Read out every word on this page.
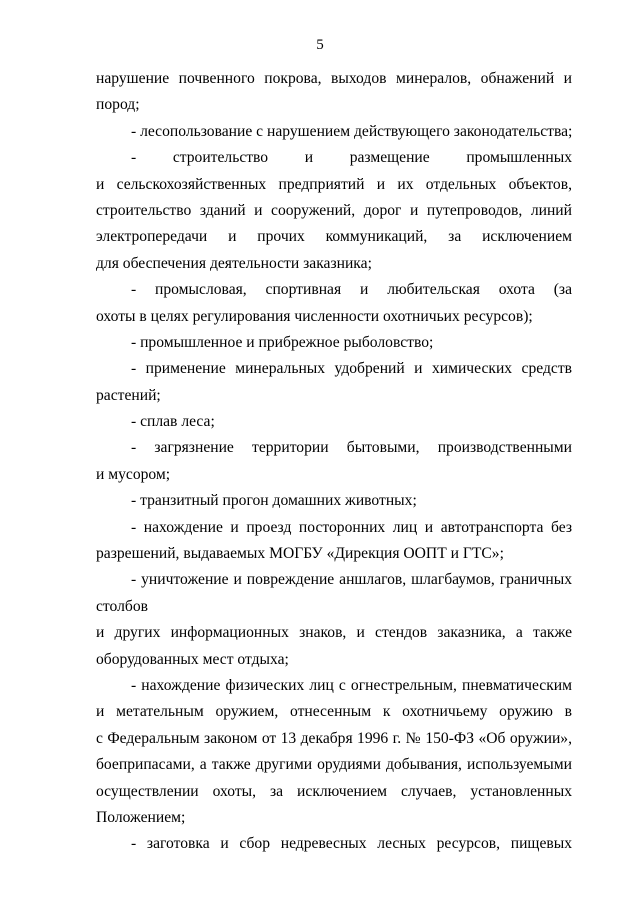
5
нарушение почвенного покрова, выходов минералов, обнажений и
пород;
- лесопользование с нарушением действующего законодательства;
- строительство и размещение промышленных
и сельскохозяйственных предприятий и их отдельных объектов,
строительство зданий и сооружений, дорог и путепроводов, линий
электропередачи и прочих коммуникаций, за исключением
для обеспечения деятельности заказника;
- промысловая, спортивная и любительская охота (за
охоты в целях регулирования численности охотничьих ресурсов);
- промышленное и прибрежное рыболовство;
- применение минеральных удобрений и химических средств
растений;
- сплав леса;
- загрязнение территории бытовыми, производственными
и мусором;
- транзитный прогон домашних животных;
- нахождение и проезд посторонних лиц и автотранспорта без
разрешений, выдаваемых МОГБУ «Дирекция ООПТ и ГТС»;
- уничтожение и повреждение аншлагов, шлагбаумов, граничных
столбов
и других информационных знаков, и стендов заказника, а также
оборудованных мест отдыха;
- нахождение физических лиц с огнестрельным, пневматическим
и метательным оружием, отнесенным к охотничьему оружию в
с Федеральным законом от 13 декабря 1996 г. № 150-ФЗ «Об оружии»,
боеприпасами, а также другими орудиями добывания, используемыми
осуществлении охоты, за исключением случаев, установленных
Положением;
- заготовка и сбор недревесных лесных ресурсов, пищевых
